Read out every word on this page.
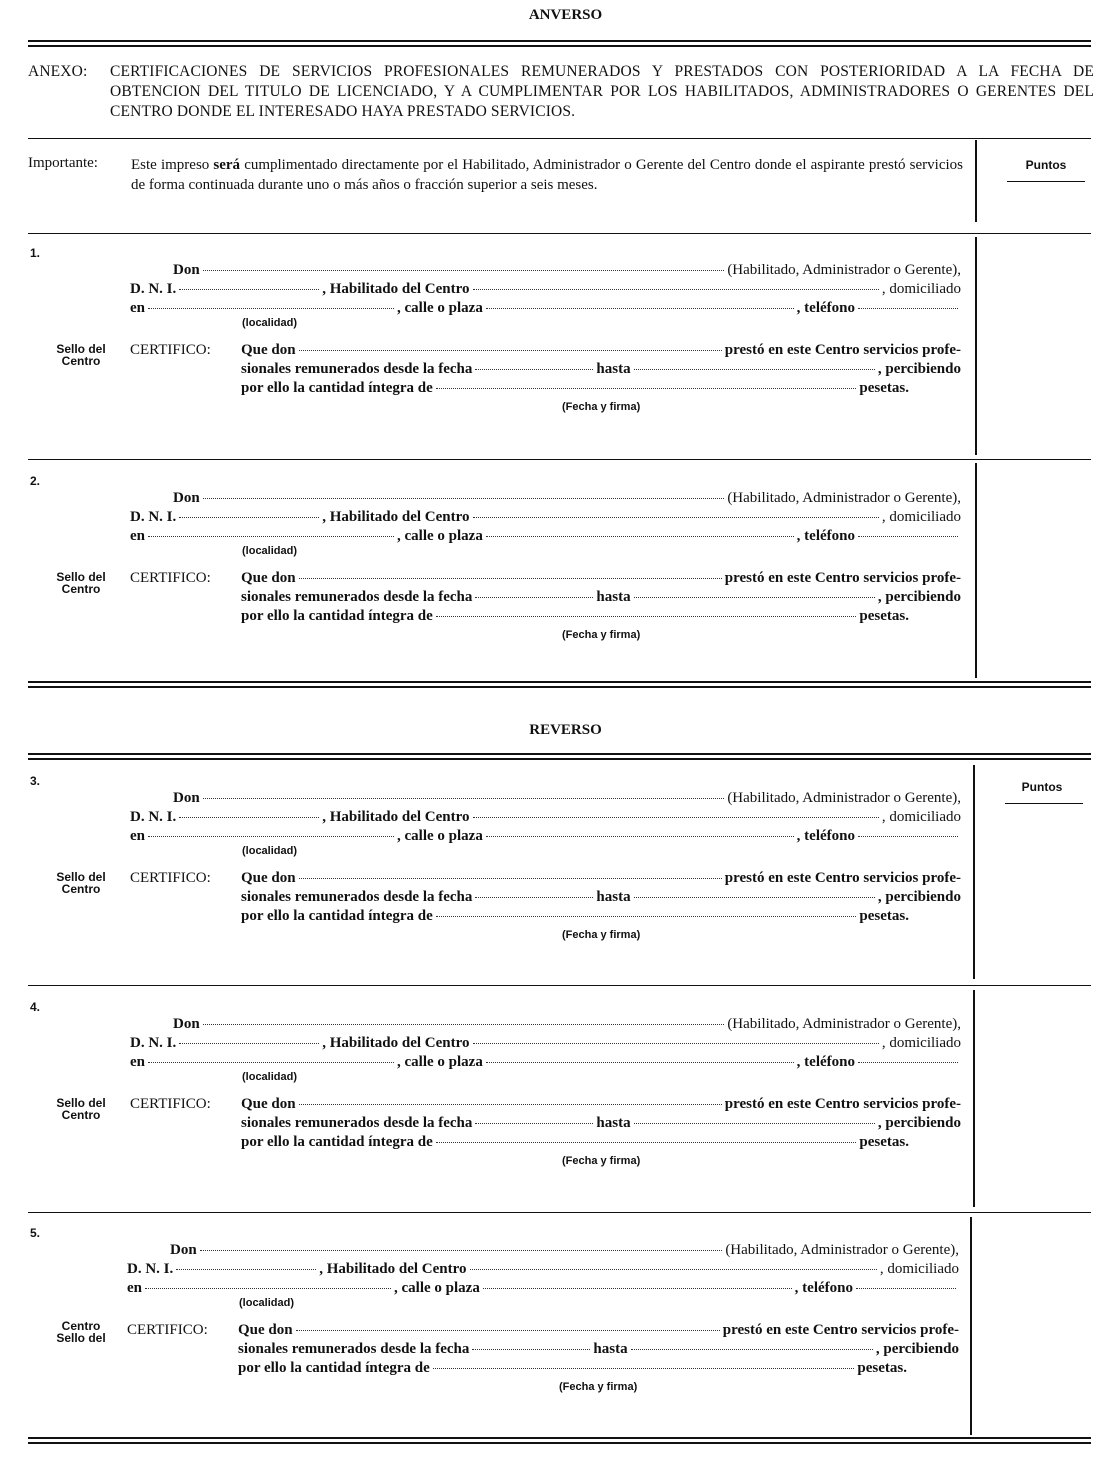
ANVERSO
ANEXO: CERTIFICACIONES DE SERVICIOS PROFESIONALES REMUNERADOS Y PRESTADOS CON POSTERIORIDAD A LA FECHA DE OBTENCION DEL TITULO DE LICENCIADO, Y A CUMPLIMENTAR POR LOS HABILITADOS, ADMINISTRADORES O GERENTES DEL CENTRO DONDE EL INTERESADO HAYA PRESTADO SERVICIOS.
Importante: Este impreso será cumplimentado directamente por el Habilitado, Administrador o Gerente del Centro donde el aspirante prestó servicios de forma continuada durante uno o más años o fracción superior a seis meses.
Puntos
1.
Don	(Habilitado, Administrador o Gerente),
D. N. I.	, Habilitado del Centro	, domiciliado
en	, calle o plaza	, teléfono
(localidad)
Sello del
Centro
CERTIFICO: Que don	prestó en este Centro servicios profe-
sionales remunerados desde la fecha	hasta	, percibiendo
por ello la cantidad íntegra de	pesetas.
(Fecha y firma)
2.
Don	(Habilitado, Administrador o Gerente),
D. N. I.	, Habilitado del Centro	, domiciliado
en	, calle o plaza	, teléfono
(localidad)
Sello del
Centro
CERTIFICO: Que don	prestó en este Centro servicios profe-
sionales remunerados desde la fecha	hasta	, percibiendo
por ello la cantidad íntegra de	pesetas.
(Fecha y firma)
REVERSO
Puntos
3.
Don	(Habilitado, Administrador o Gerente),
D. N. I.	, Habilitado del Centro	, domiciliado
en	, calle o plaza	, teléfono
(localidad)
Sello del
Centro
CERTIFICO: Que don	prestó en este Centro servicios profe-
sionales remunerados desde la fecha	hasta	, percibiendo
por ello la cantidad íntegra de	pesetas.
(Fecha y firma)
4.
Don	(Habilitado, Administrador o Gerente),
D. N. I.	, Habilitado del Centro	, domiciliado
en	, calle o plaza	, teléfono
(localidad)
Sello del
Centro
CERTIFICO: Que don	prestó en este Centro servicios profe-
sionales remunerados desde la fecha	hasta	, percibiendo
por ello la cantidad íntegra de	pesetas.
(Fecha y firma)
5.
Don	(Habilitado, Administrador o Gerente),
D. N. I.	, Habilitado del Centro	, domiciliado
en	, calle o plaza	, teléfono
(localidad)
Centro
Sello del	CERTIFICO: Que don	prestó en este Centro servicios profe-
sionales remunerados desde la fecha	hasta	, percibiendo
por ello la cantidad íntegra de	pesetas.
(Fecha y firma)
